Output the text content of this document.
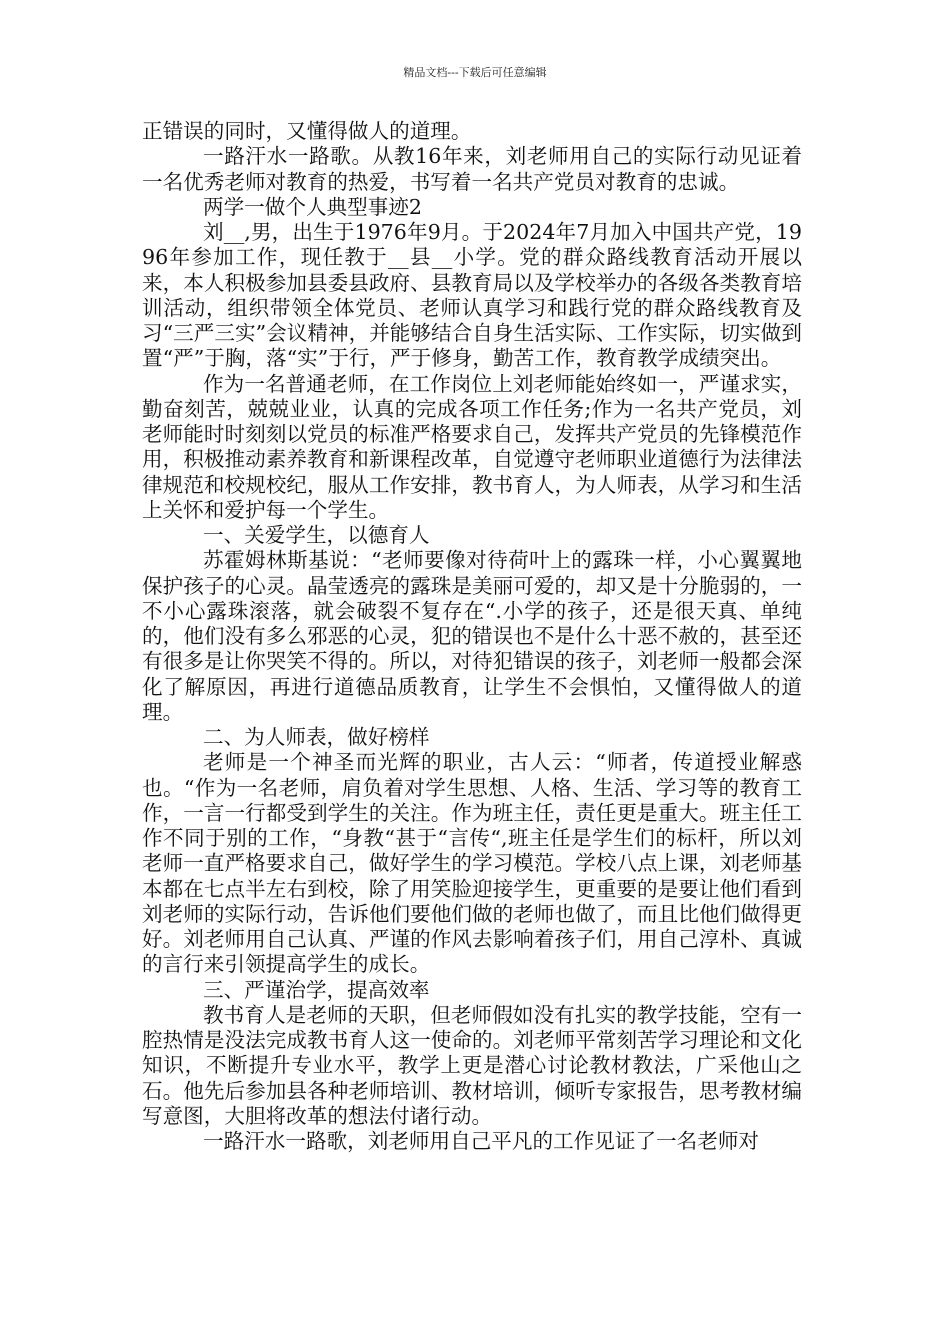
精品文档---下载后可任意编辑

正错误的同时，又懂得做人的道理。

一路汗水一路歌。从教16年来，刘老师用自己的实际行动见证着一名优秀老师对教育的热爱，书写着一名共产党员对教育的忠诚。

两学一做个人典型事迹2

刘__,男，出生于1976年9月。于2024年7月加入中国共产党，1996年参加工作，现任教于__县__小学。党的群众路线教育活动开展以来，本人积极参加县委县政府、县教育局以及学校举办的各级各类教育培训活动，组织带领全体党员、老师认真学习和践行党的群众路线教育及习“三严三实”会议精神，并能够结合自身生活实际、工作实际，切实做到置“严”于胸，落“实”于行，严于修身，勤苦工作，教育教学成绩突出。

作为一名普通老师，在工作岗位上刘老师能始终如一，严谨求实，勤奋刻苦，兢兢业业，认真的完成各项工作任务;作为一名共产党员，刘老师能时时刻刻以党员的标准严格要求自己，发挥共产党员的先锋模范作用，积极推动素养教育和新课程改革，自觉遵守老师职业道德行为法律法律规范和校规校纪，服从工作安排，教书育人，为人师表，从学习和生活上关怀和爱护每一个学生。

一、关爱学生，以德育人

苏霍姆林斯基说：“老师要像对待荷叶上的露珠一样，小心翼翼地保护孩子的心灵。晶莹透亮的露珠是美丽可爱的，却又是十分脆弱的，一不小心露珠滚落，就会破裂不复存在“.小学的孩子，还是很天真、单纯的，他们没有多么邪恶的心灵，犯的错误也不是什么十恶不赦的，甚至还有很多是让你哭笑不得的。所以，对待犯错误的孩子，刘老师一般都会深化了解原因，再进行道德品质教育，让学生不会惧怕，又懂得做人的道理。

二、为人师表，做好榜样

老师是一个神圣而光辉的职业，古人云：“师者，传道授业解惑也。“作为一名老师，肩负着对学生思想、人格、生活、学习等的教育工作，一言一行都受到学生的关注。作为班主任，责任更是重大。班主任工作不同于别的工作，“身教“甚于“言传“,班主任是学生们的标杆，所以刘老师一直严格要求自己，做好学生的学习模范。学校八点上课，刘老师基本都在七点半左右到校，除了用笑脸迎接学生，更重要的是要让他们看到刘老师的实际行动，告诉他们要他们做的老师也做了，而且比他们做得更好。刘老师用自己认真、严谨的作风去影响着孩子们，用自己淳朴、真诚的言行来引领提高学生的成长。

三、严谨治学，提高效率

教书育人是老师的天职，但老师假如没有扎实的教学技能，空有一腔热情是没法完成教书育人这一使命的。刘老师平常刻苦学习理论和文化知识，不断提升专业水平，教学上更是潜心讨论教材教法，广采他山之石。他先后参加县各种老师培训、教材培训，倾听专家报告，思考教材编写意图，大胆将改革的想法付诸行动。

一路汗水一路歌，刘老师用自己平凡的工作见证了一名老师对
